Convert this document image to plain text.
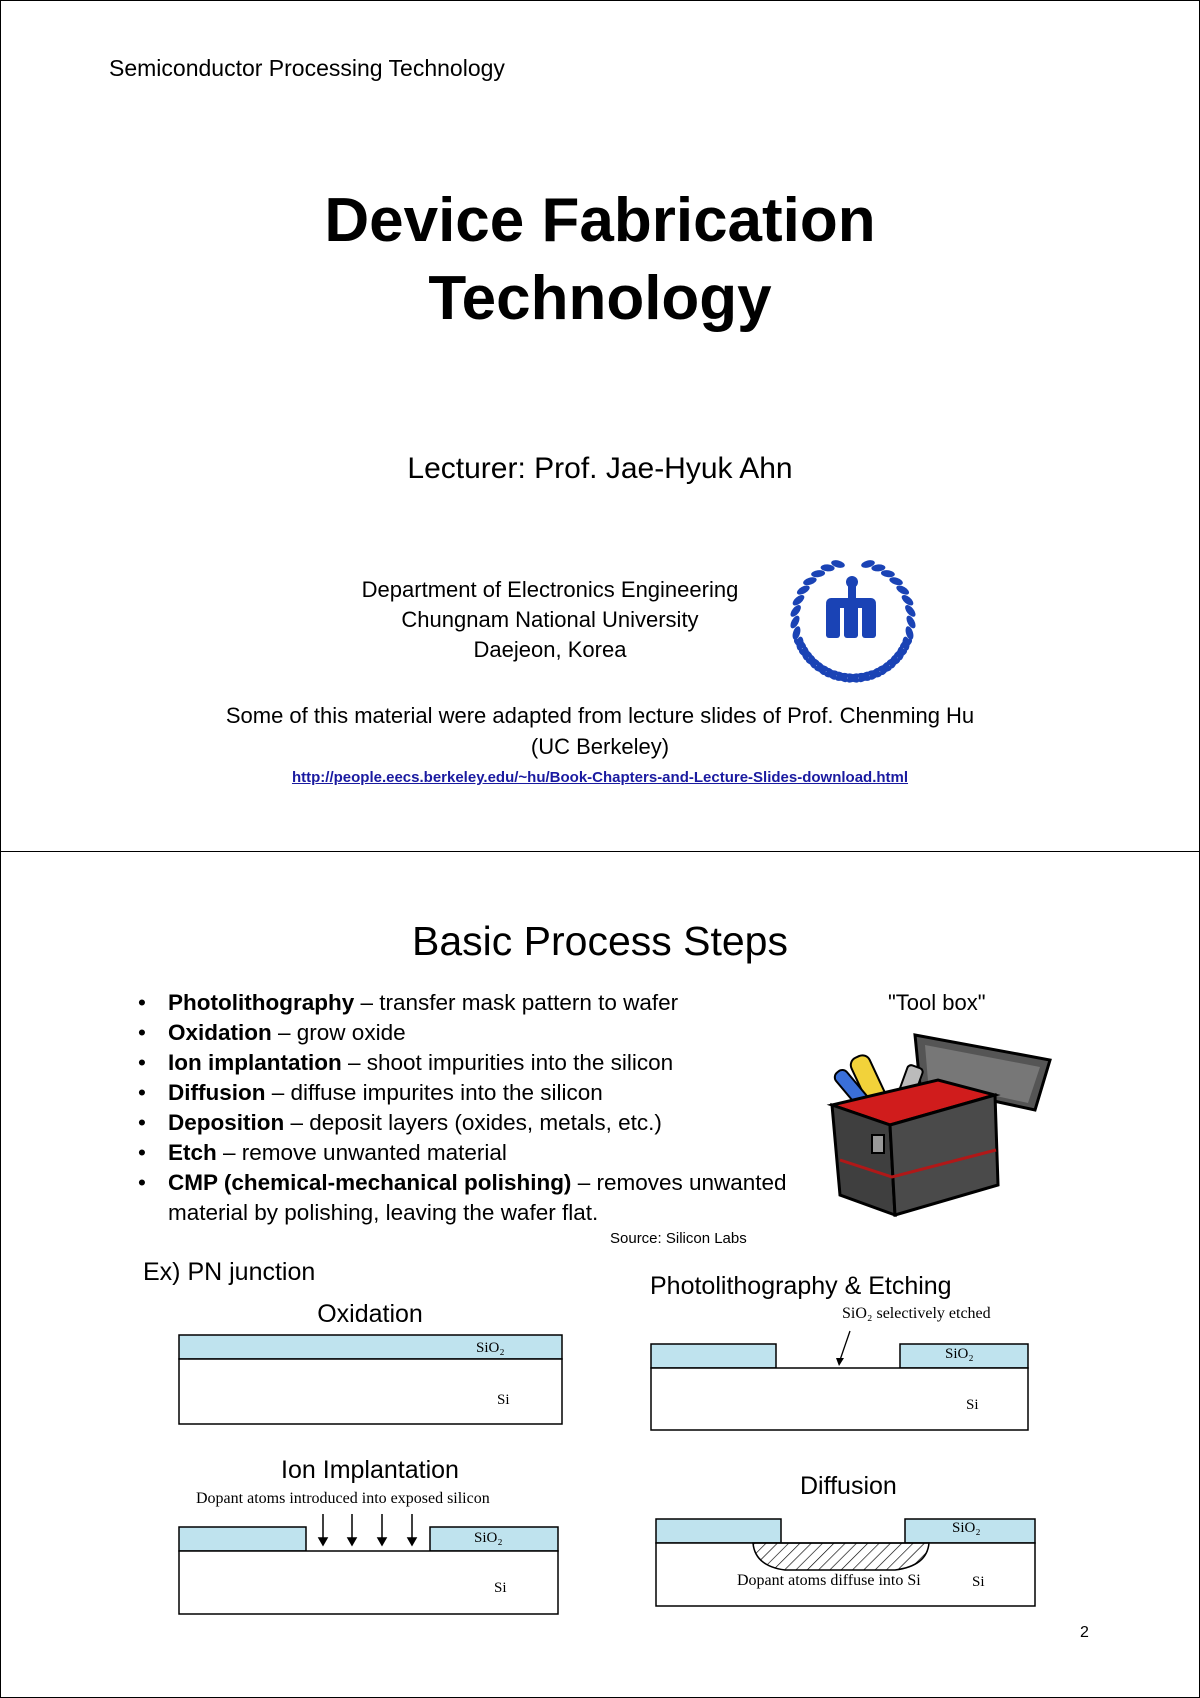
Semiconductor Processing Technology
Device Fabrication
Technology
Lecturer: Prof. Jae-Hyuk Ahn
Department of Electronics Engineering
Chungnam National University
Daejeon, Korea
Some of this material were adapted from lecture slides of Prof. Chenming Hu
(UC Berkeley)
http://people.eecs.berkeley.edu/~hu/Book-Chapters-and-Lecture-Slides-download.html
Basic Process Steps
• Photolithography – transfer mask pattern to wafer
• Oxidation – grow oxide
• Ion implantation – shoot impurities into the silicon
• Diffusion – diffuse impurites into the silicon
• Deposition – deposit layers (oxides, metals, etc.)
• Etch – remove unwanted material
• CMP (chemical-mechanical polishing) – removes unwanted material by polishing, leaving the wafer flat.
Source: Silicon Labs
"Tool box"
Ex) PN junction
Oxidation
SiO₂
Si
Photolithography & Etching
SiO₂ selectively etched
SiO₂
Si
Ion Implantation
Dopant atoms introduced into exposed silicon
SiO₂
Si
Diffusion
SiO₂
Dopant atoms diffuse into Si	Si
2
